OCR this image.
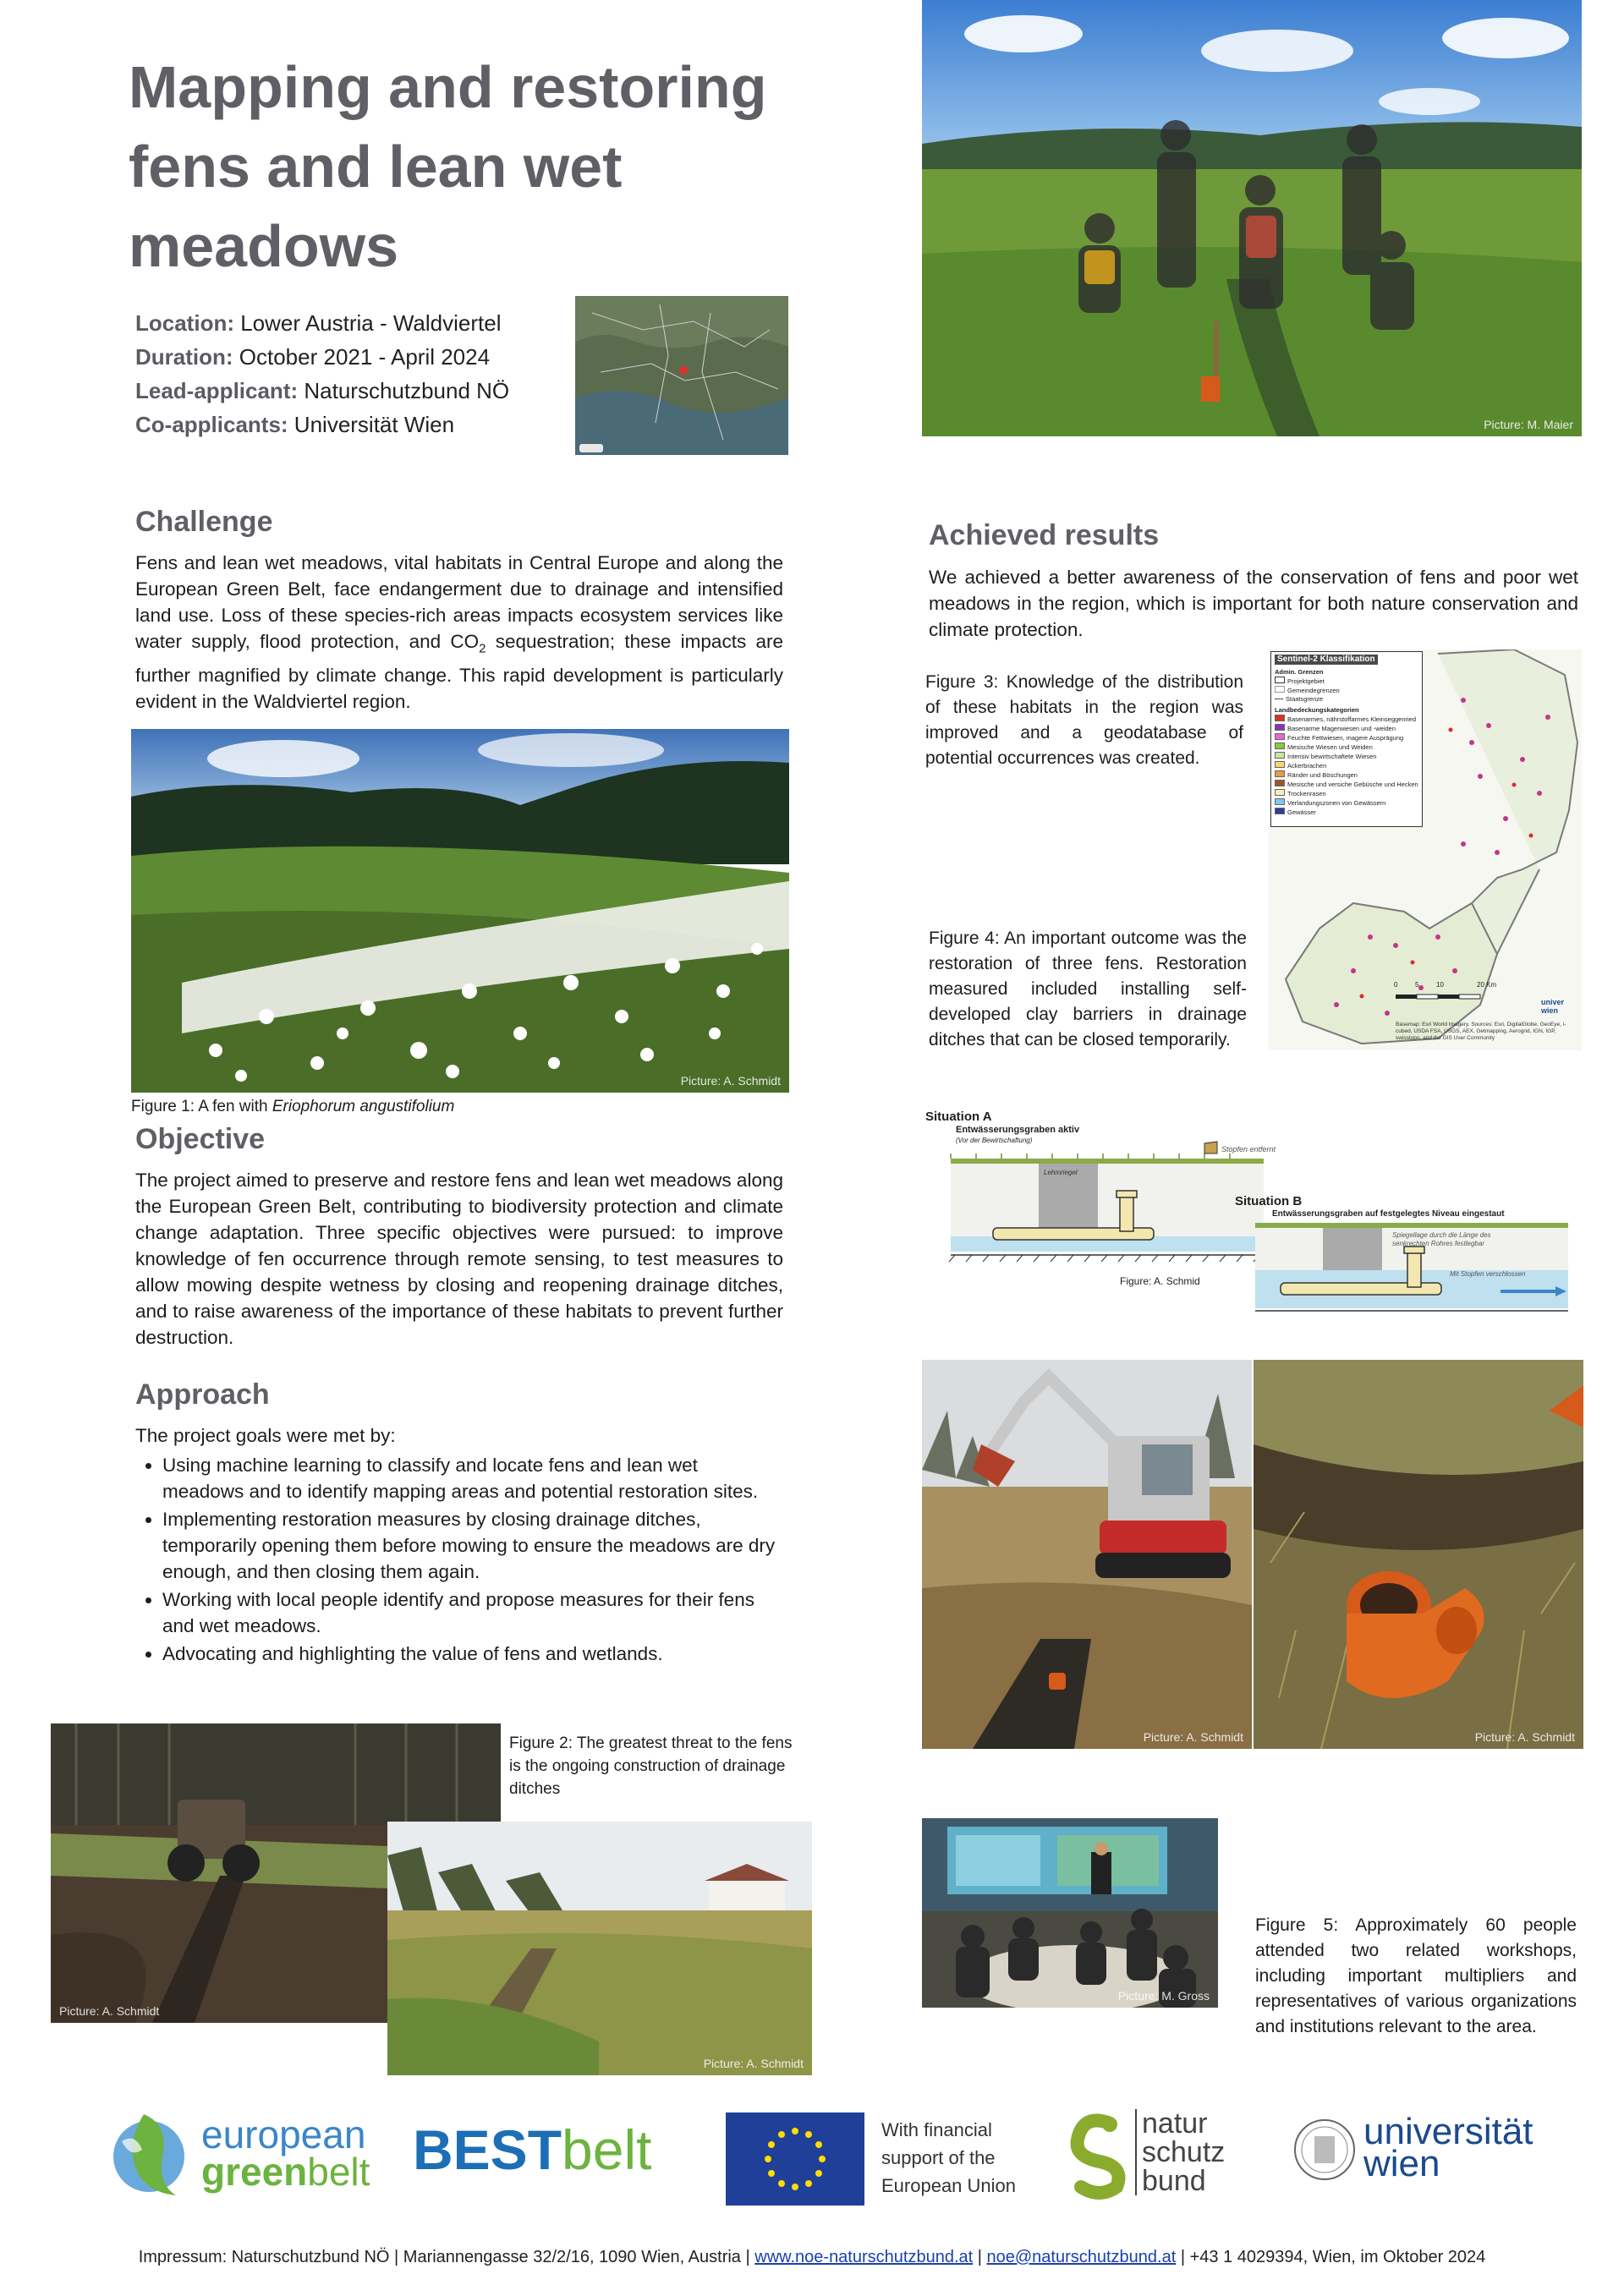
Mapping and restoring fens and lean wet meadows
Location: Lower Austria - Waldviertel
Duration: October 2021 - April 2024
Lead-applicant: Naturschutzbund NÖ
Co-applicants: Universität Wien	Picture: M. Maier
Challenge
Fens and lean wet meadows, vital habitats in Central Europe and along the European Green Belt, face endangerment due to drainage and intensified land use. Loss of these species-rich areas impacts ecosystem services like water supply, flood protection, and $CO_2$ sequestration; these impacts are further magnified by climate change. This rapid development is particularly evident in the Waldviertel region.
Picture: A. Schmidt
Figure 1: A fen with Eriophorum angustifolium
Objective
The project aimed to preserve and restore fens and lean wet meadows along the European Green Belt, contributing to biodiversity protection and climate change adaptation. Three specific objectives were pursued: to improve knowledge of fen occurrence through remote sensing, to test measures to allow mowing despite wetness by closing and reopening drainage ditches, and to raise awareness of the importance of these habitats to prevent further destruction.
Approach
The project goals were met by:
• Using machine learning to classify and locate fens and lean wet meadows and to identify mapping areas and potential restoration sites.
• Implementing restoration measures by closing drainage ditches, temporarily opening them before mowing to ensure the meadows are dry enough, and then closing them again.
• Working with local people identify and propose measures for their fens and wet meadows.
• Advocating and highlighting the value of fens and wetlands.
Picture: A. Schmidt
Picture: A. Schmidt
Figure 2: The greatest threat to the fens is the ongoing construction of drainage ditches
Achieved results
We achieved a better awareness of the conservation of fens and poor wet meadows in the region, which is important for both nature conservation and climate protection.
Figure 3: Knowledge of the distribution of these habitats in the region was improved and a geodatabase of potential occurrences was created.
Sentinel-2 Klassifikation
Admin. Grenzen
Projektgebiet
Gemeindegrenzen
Staatsgrenze
Landbedeckungskategorien
Basenarmes, nährstoffarmes Kleinseggenried
Basenarme Magerwiesen und -weiden
Feuchte Fettwiesen, magere Ausprägung
Mesische Wiesen und Weiden
Intensiv bewirtschaftete Wiesen
Ackerbrachen
Ränder und Böschungen
Mesische und versiche Gebüsche und Hecken
Trockenrasen
Verlandungszonen von Gewässern
Gewässer
0	5	10	20 Km
univer wien
Basemap: Esri World Imagery. Sources: Esri, DigitalGlobe, GeoEye, i-cubed, USDA FSA, USGS, AEX, Getmapping, Aerogrid, IGN, IGP, swisstopo, and the GIS User Community
Figure 4: An important outcome was the restoration of three fens. Restoration measured included installing self-developed clay barriers in drainage ditches that can be closed temporarily.
Situation A
Entwässerungsgraben aktiv
(Vor der Bewirtschaftung)
Stopfen entfernt
Lehmriegel
Situation B
Entwässerungsgraben auf festgelegtes Niveau eingestaut
Spiegellage durch die Länge des senkrechten Rohres festlegbar
Mit Stopfen verschlossen
Figure: A. Schmid
Picture: A. Schmidt	Picture: A. Schmidt
Picture: M. Gross
Figure 5: Approximately 60 people attended two related workshops, including important multipliers and representatives of various organizations and institutions relevant to the area.
european
greenbelt BESTbelt	With financial support of the European Union
natur
schutz
bund
universität
wien
Impressum: Naturschutzbund NÖ | Mariannengasse 32/2/16, 1090 Wien, Austria | www.noe-naturschutzbund.at | noe@naturschutzbund.at | +43 1 4029394, Wien, im Oktober 2024
